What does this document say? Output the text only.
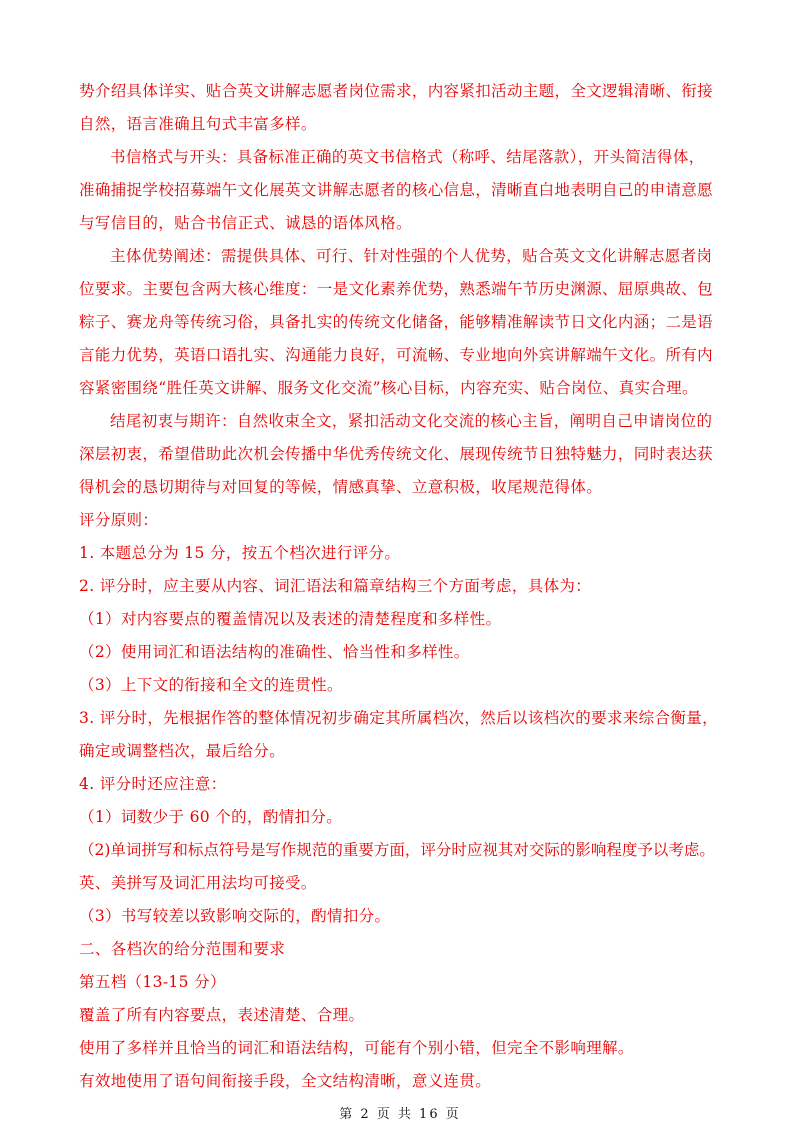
势介绍具体详实、贴合英文讲解志愿者岗位需求，内容紧扣活动主题，全文逻辑清晰、衔接
自然，语言准确且句式丰富多样。
书信格式与开头：具备标准正确的英文书信格式（称呼、结尾落款），开头简洁得体，
准确捕捉学校招募端午文化展英文讲解志愿者的核心信息，清晰直白地表明自己的申请意愿
与写信目的，贴合书信正式、诚恳的语体风格。
主体优势阐述：需提供具体、可行、针对性强的个人优势，贴合英文文化讲解志愿者岗
位要求。主要包含两大核心维度：一是文化素养优势，熟悉端午节历史渊源、屈原典故、包
粽子、赛龙舟等传统习俗，具备扎实的传统文化储备，能够精准解读节日文化内涵；二是语
言能力优势，英语口语扎实、沟通能力良好，可流畅、专业地向外宾讲解端午文化。所有内
容紧密围绕“胜任英文讲解、服务文化交流”核心目标，内容充实、贴合岗位、真实合理。
结尾初衷与期许：自然收束全文，紧扣活动文化交流的核心主旨，阐明自己申请岗位的
深层初衷，希望借助此次机会传播中华优秀传统文化、展现传统节日独特魅力，同时表达获
得机会的恳切期待与对回复的等候，情感真挚、立意积极，收尾规范得体。
评分原则：
1. 本题总分为 15 分，按五个档次进行评分。
2. 评分时，应主要从内容、词汇语法和篇章结构三个方面考虑，具体为：
（1）对内容要点的覆盖情况以及表述的清楚程度和多样性。
（2）使用词汇和语法结构的准确性、恰当性和多样性。
（3）上下文的衔接和全文的连贯性。
3. 评分时，先根据作答的整体情况初步确定其所属档次，然后以该档次的要求来综合衡量，
确定或调整档次，最后给分。
4. 评分时还应注意：
（1）词数少于 60 个的，酌情扣分。
（2)单词拼写和标点符号是写作规范的重要方面，评分时应视其对交际的影响程度予以考虑。
英、美拼写及词汇用法均可接受。
（3）书写较差以致影响交际的，酌情扣分。
二、各档次的给分范围和要求
第五档（13-15 分）
覆盖了所有内容要点，表述清楚、合理。
使用了多样并且恰当的词汇和语法结构，可能有个别小错，但完全不影响理解。
有效地使用了语句间衔接手段，全文结构清晰，意义连贯。
第 2 页 共 16 页
